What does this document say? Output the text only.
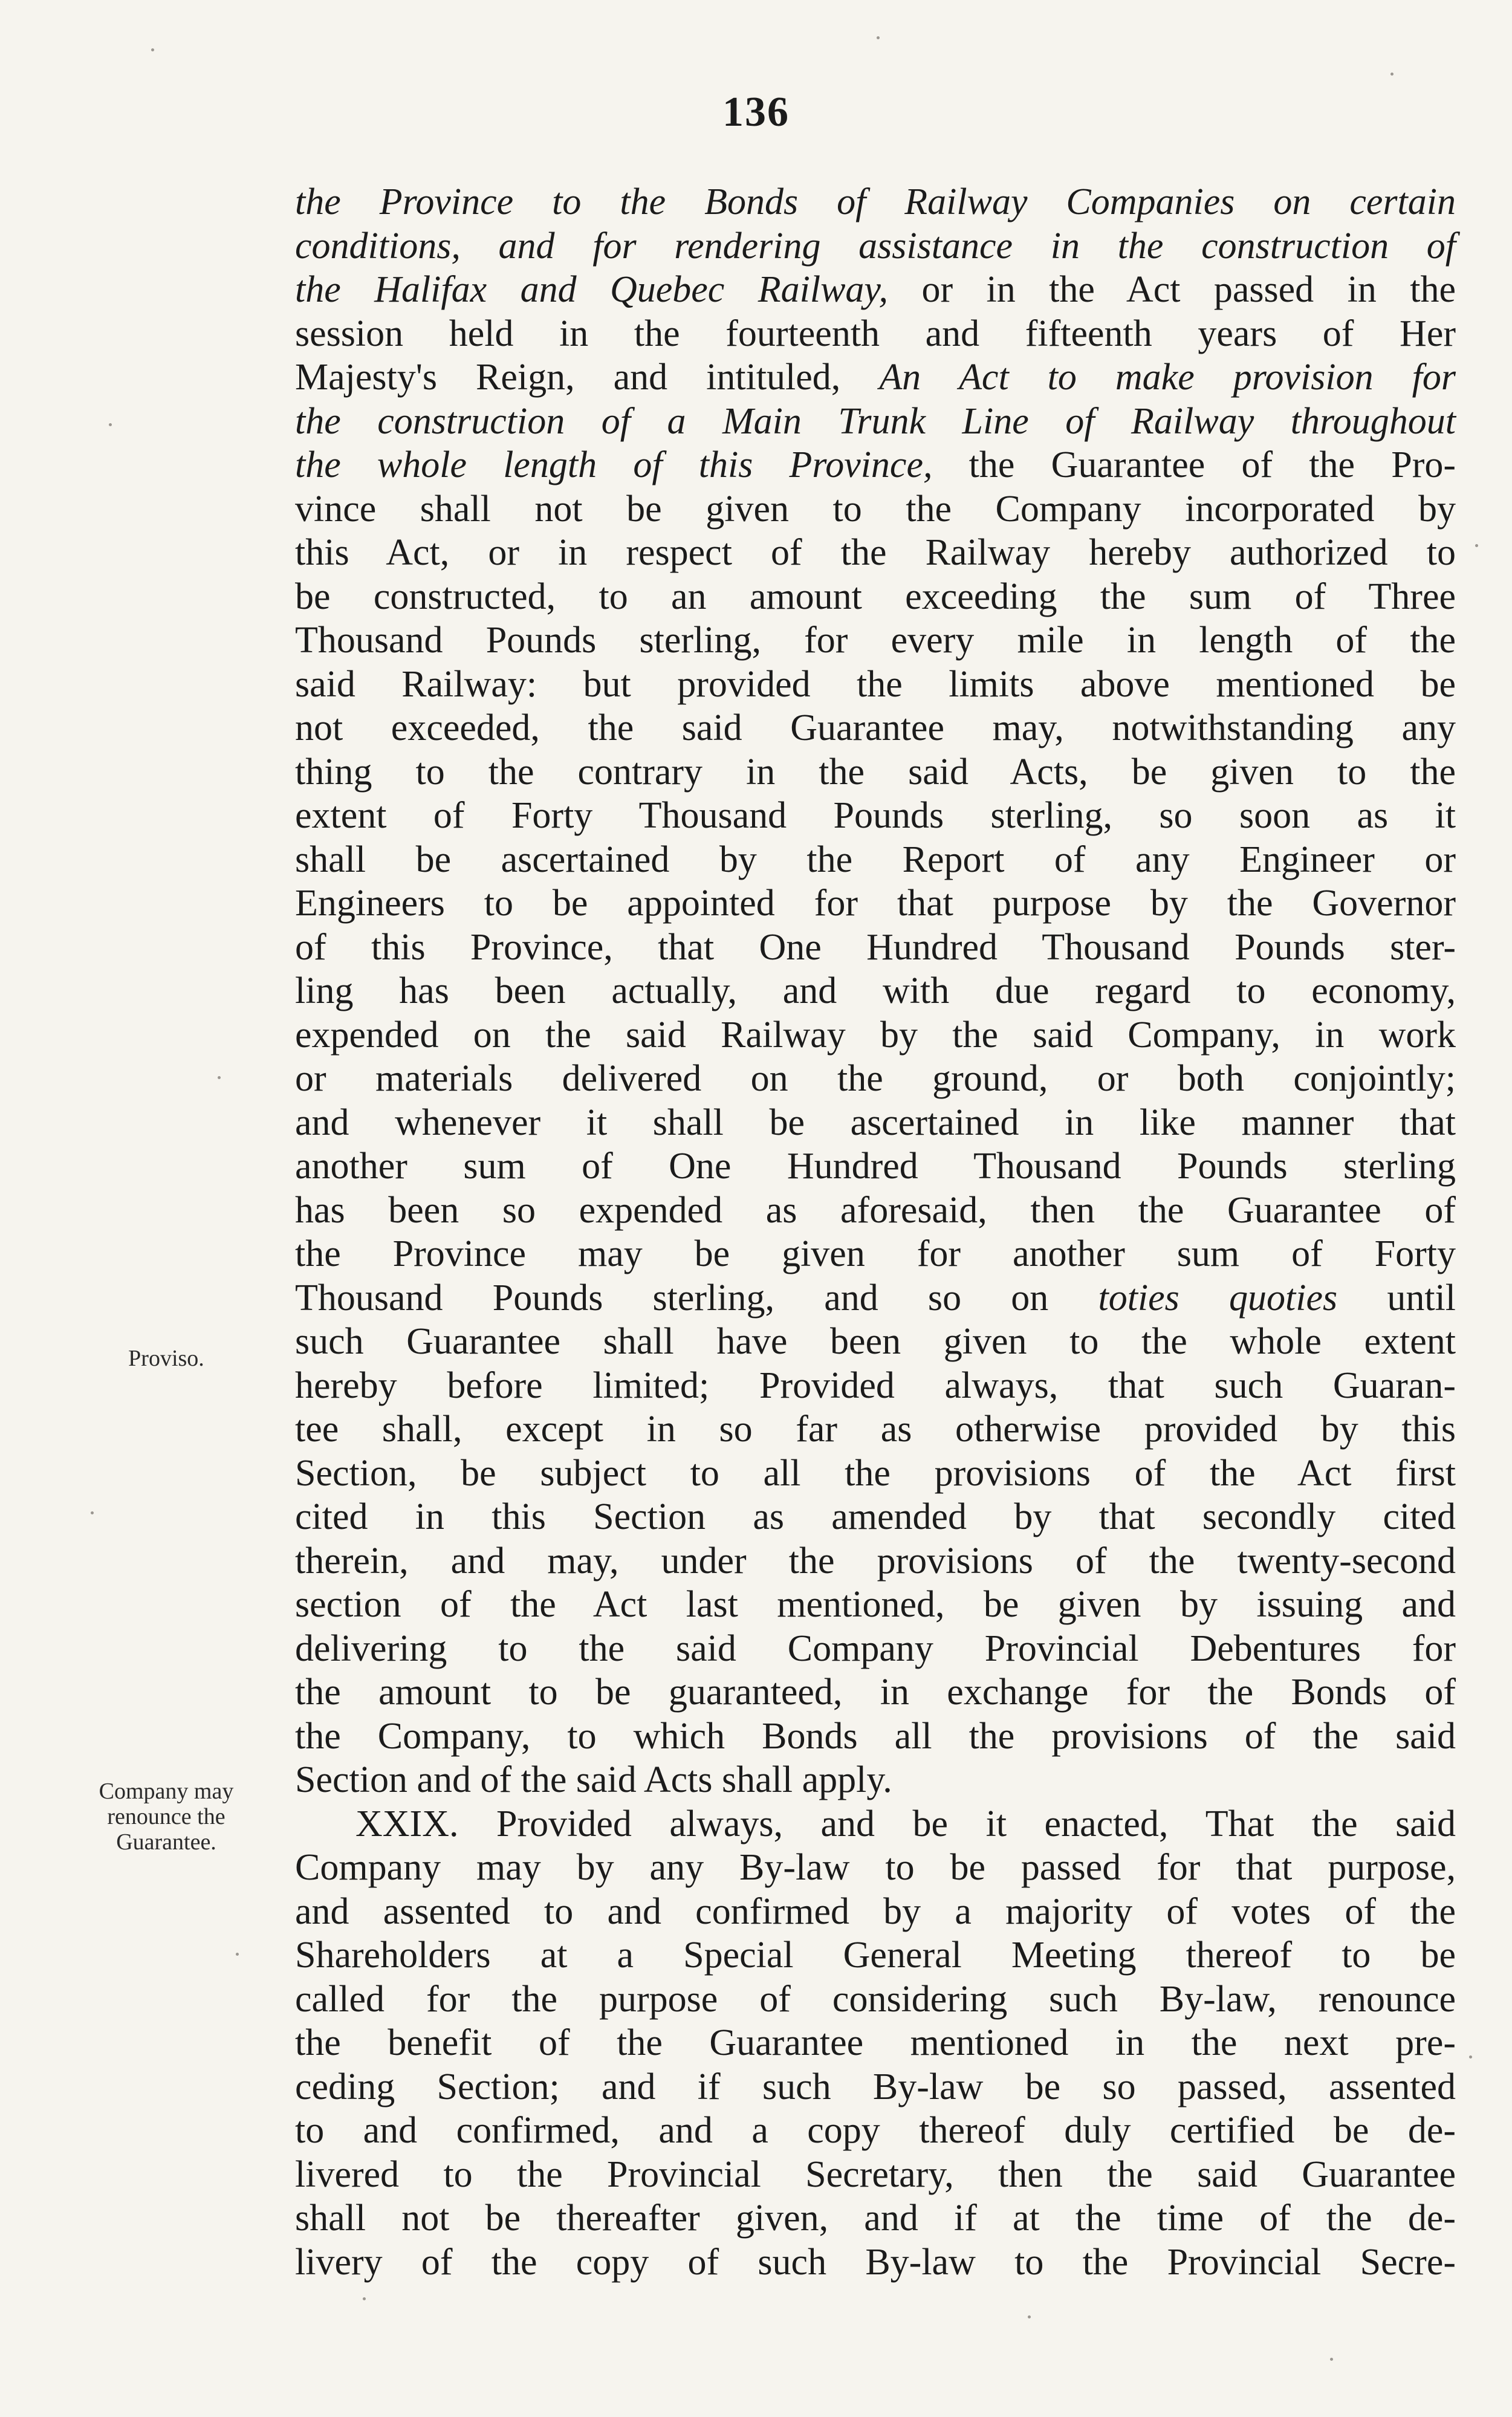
136
the Province to the Bonds of Railway Companies on certain
conditions, and for rendering assistance in the construction of
the Halifax and Quebec Railway, or in the Act passed in the
session held in the fourteenth and fifteenth years of Her
Majesty's Reign, and intituled, An Act to make provision for
the construction of a Main Trunk Line of Railway throughout
the whole length of this Province, the Guarantee of the Pro-
vince shall not be given to the Company incorporated by
this Act, or in respect of the Railway hereby authorized to
be constructed, to an amount exceeding the sum of Three
Thousand Pounds sterling, for every mile in length of the
said Railway: but provided the limits above mentioned be
not exceeded, the said Guarantee may, notwithstanding any
thing to the contrary in the said Acts, be given to the
extent of Forty Thousand Pounds sterling, so soon as it
shall be ascertained by the Report of any Engineer or
Engineers to be appointed for that purpose by the Governor
of this Province, that One Hundred Thousand Pounds ster-
ling has been actually, and with due regard to economy,
expended on the said Railway by the said Company, in work
or materials delivered on the ground, or both conjointly;
and whenever it shall be ascertained in like manner that
another sum of One Hundred Thousand Pounds sterling
has been so expended as aforesaid, then the Guarantee of
the Province may be given for another sum of Forty
Thousand Pounds sterling, and so on toties quoties until
such Guarantee shall have been given to the whole extent
hereby before limited; Provided always, that such Guaran-
tee shall, except in so far as otherwise provided by this
Section, be subject to all the provisions of the Act first
cited in this Section as amended by that secondly cited
therein, and may, under the provisions of the twenty-second
section of the Act last mentioned, be given by issuing and
delivering to the said Company Provincial Debentures for
the amount to be guaranteed, in exchange for the Bonds of
the Company, to which Bonds all the provisions of the said
Section and of the said Acts shall apply.
XXIX. Provided always, and be it enacted, That the said
Company may by any By-law to be passed for that purpose,
and assented to and confirmed by a majority of votes of the
Shareholders at a Special General Meeting thereof to be
called for the purpose of considering such By-law, renounce
the benefit of the Guarantee mentioned in the next pre-
ceding Section; and if such By-law be so passed, assented
to and confirmed, and a copy thereof duly certified be de-
livered to the Provincial Secretary, then the said Guarantee
shall not be thereafter given, and if at the time of the de-
livery of the copy of such By-law to the Provincial Secre-
Proviso.
Company may
renounce the
Guarantee.
